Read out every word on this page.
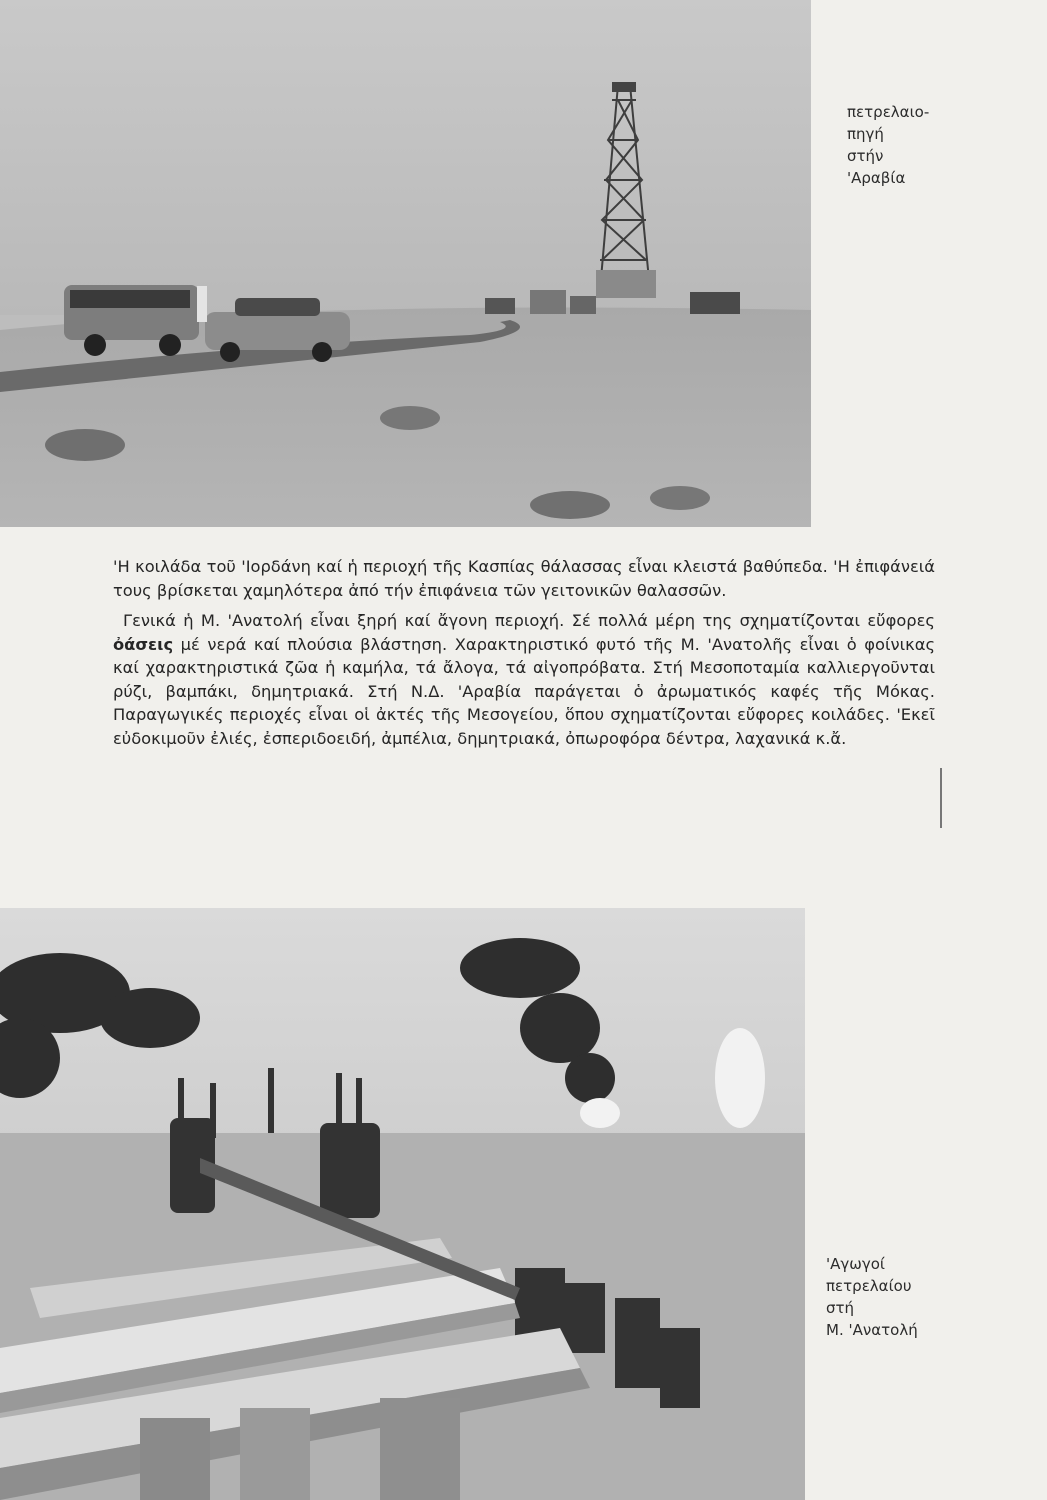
πετρελαιο-
πηγή
στήν
'Αραβία

'Η κοιλάδα τοῦ 'Ιορδάνη καί ἡ περιοχή τῆς Κασπίας θάλασσας εἶναι κλειστά βαθύπεδα. 'Η ἐπιφάνειά τους βρίσκεται χαμηλότερα ἀπό τήν ἐπιφάνεια τῶν γειτονικῶν θαλασσῶν.

Γενικά ἡ Μ. 'Ανατολή εἶναι ξηρή καί ἄγονη περιοχή. Σέ πολλά μέρη της σχηματίζονται εὔφορες ὀάσεις μέ νερά καί πλούσια βλάστηση. Χαρακτηριστικό φυτό τῆς Μ. 'Ανατολῆς εἶναι ὁ φοίνικας καί χαρακτηριστικά ζῶα ἡ καμήλα, τά ἄλογα, τά αἰγοπρόβατα. Στή Μεσοποταμία καλλιεργοῦνται ρύζι, βαμπάκι, δημητριακά. Στή Ν.Δ. 'Αραβία παράγεται ὁ ἀρωματικός καφές τῆς Μόκας. Παραγωγικές περιοχές εἶναι οἱ ἀκτές τῆς Μεσογείου, ὅπου σχηματίζονται εὔφορες κοιλάδες. 'Εκεῖ εὐδοκιμοῦν ἐλιές, ἐσπεριδοειδή, ἀμπέλια, δημητριακά, ὀπωροφόρα δέντρα, λαχανικά κ.ἄ.

'Αγωγοί
πετρελαίου
στή
Μ. 'Ανατολή
